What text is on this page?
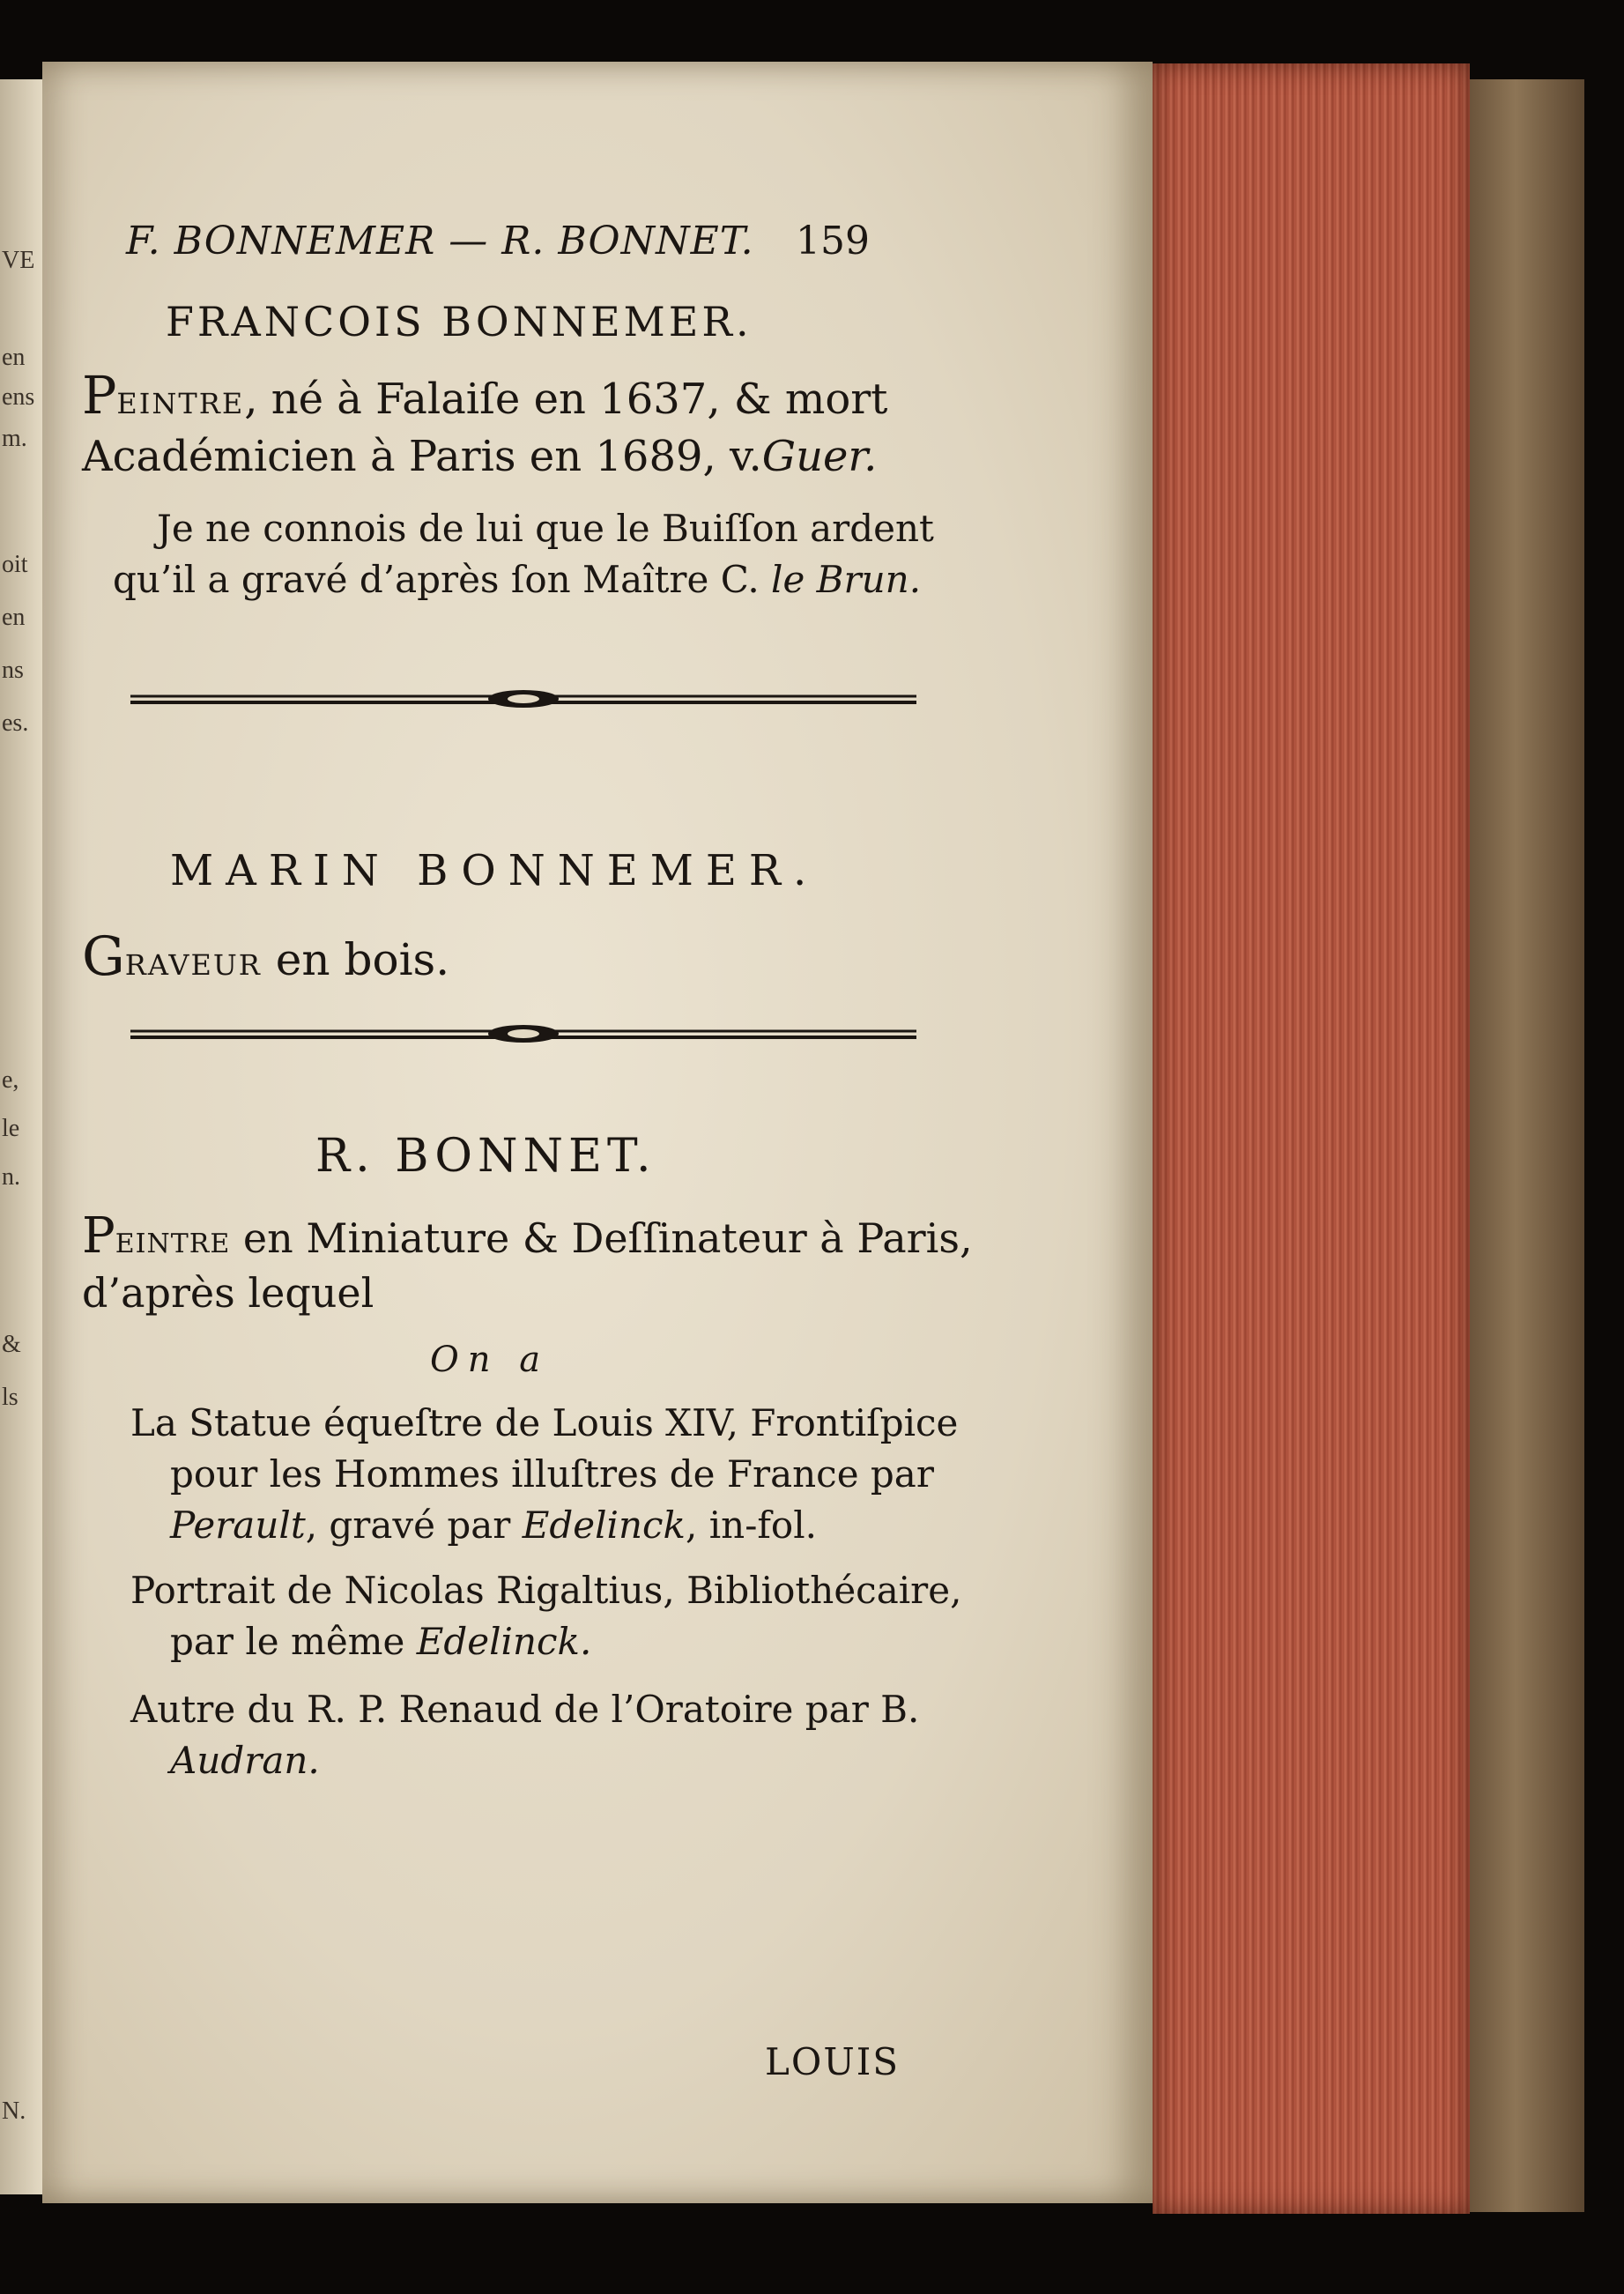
VE
en
ens
m.
oit
en
ns
es.
e,
le
n.
&
ls
N.
F. BONNEMER — R. BONNET. 159
FRANCOIS BONNEMER.
PEINTRE, né à Falaiſe en 1637, & mort
Académicien à Paris en 1689, v.Guer.
Je ne connois de lui que le Buiſſon ardent
qu’il a gravé d’après ſon Maître C. le Brun.
MARIN BONNEMER.
GRAVEUR en bois.
R. BONNET.
PEINTRE en Miniature & Deſſinateur à Paris,
d’après lequel
On a
La Statue équeſtre de Louis XIV, Frontiſpice
pour les Hommes illuſtres de France par
Perault, gravé par Edelinck, in-fol.
Portrait de Nicolas Rigaltius, Bibliothécaire,
par le même Edelinck.
Autre du R. P. Renaud de l’Oratoire par B.
Audran.
LOUIS
